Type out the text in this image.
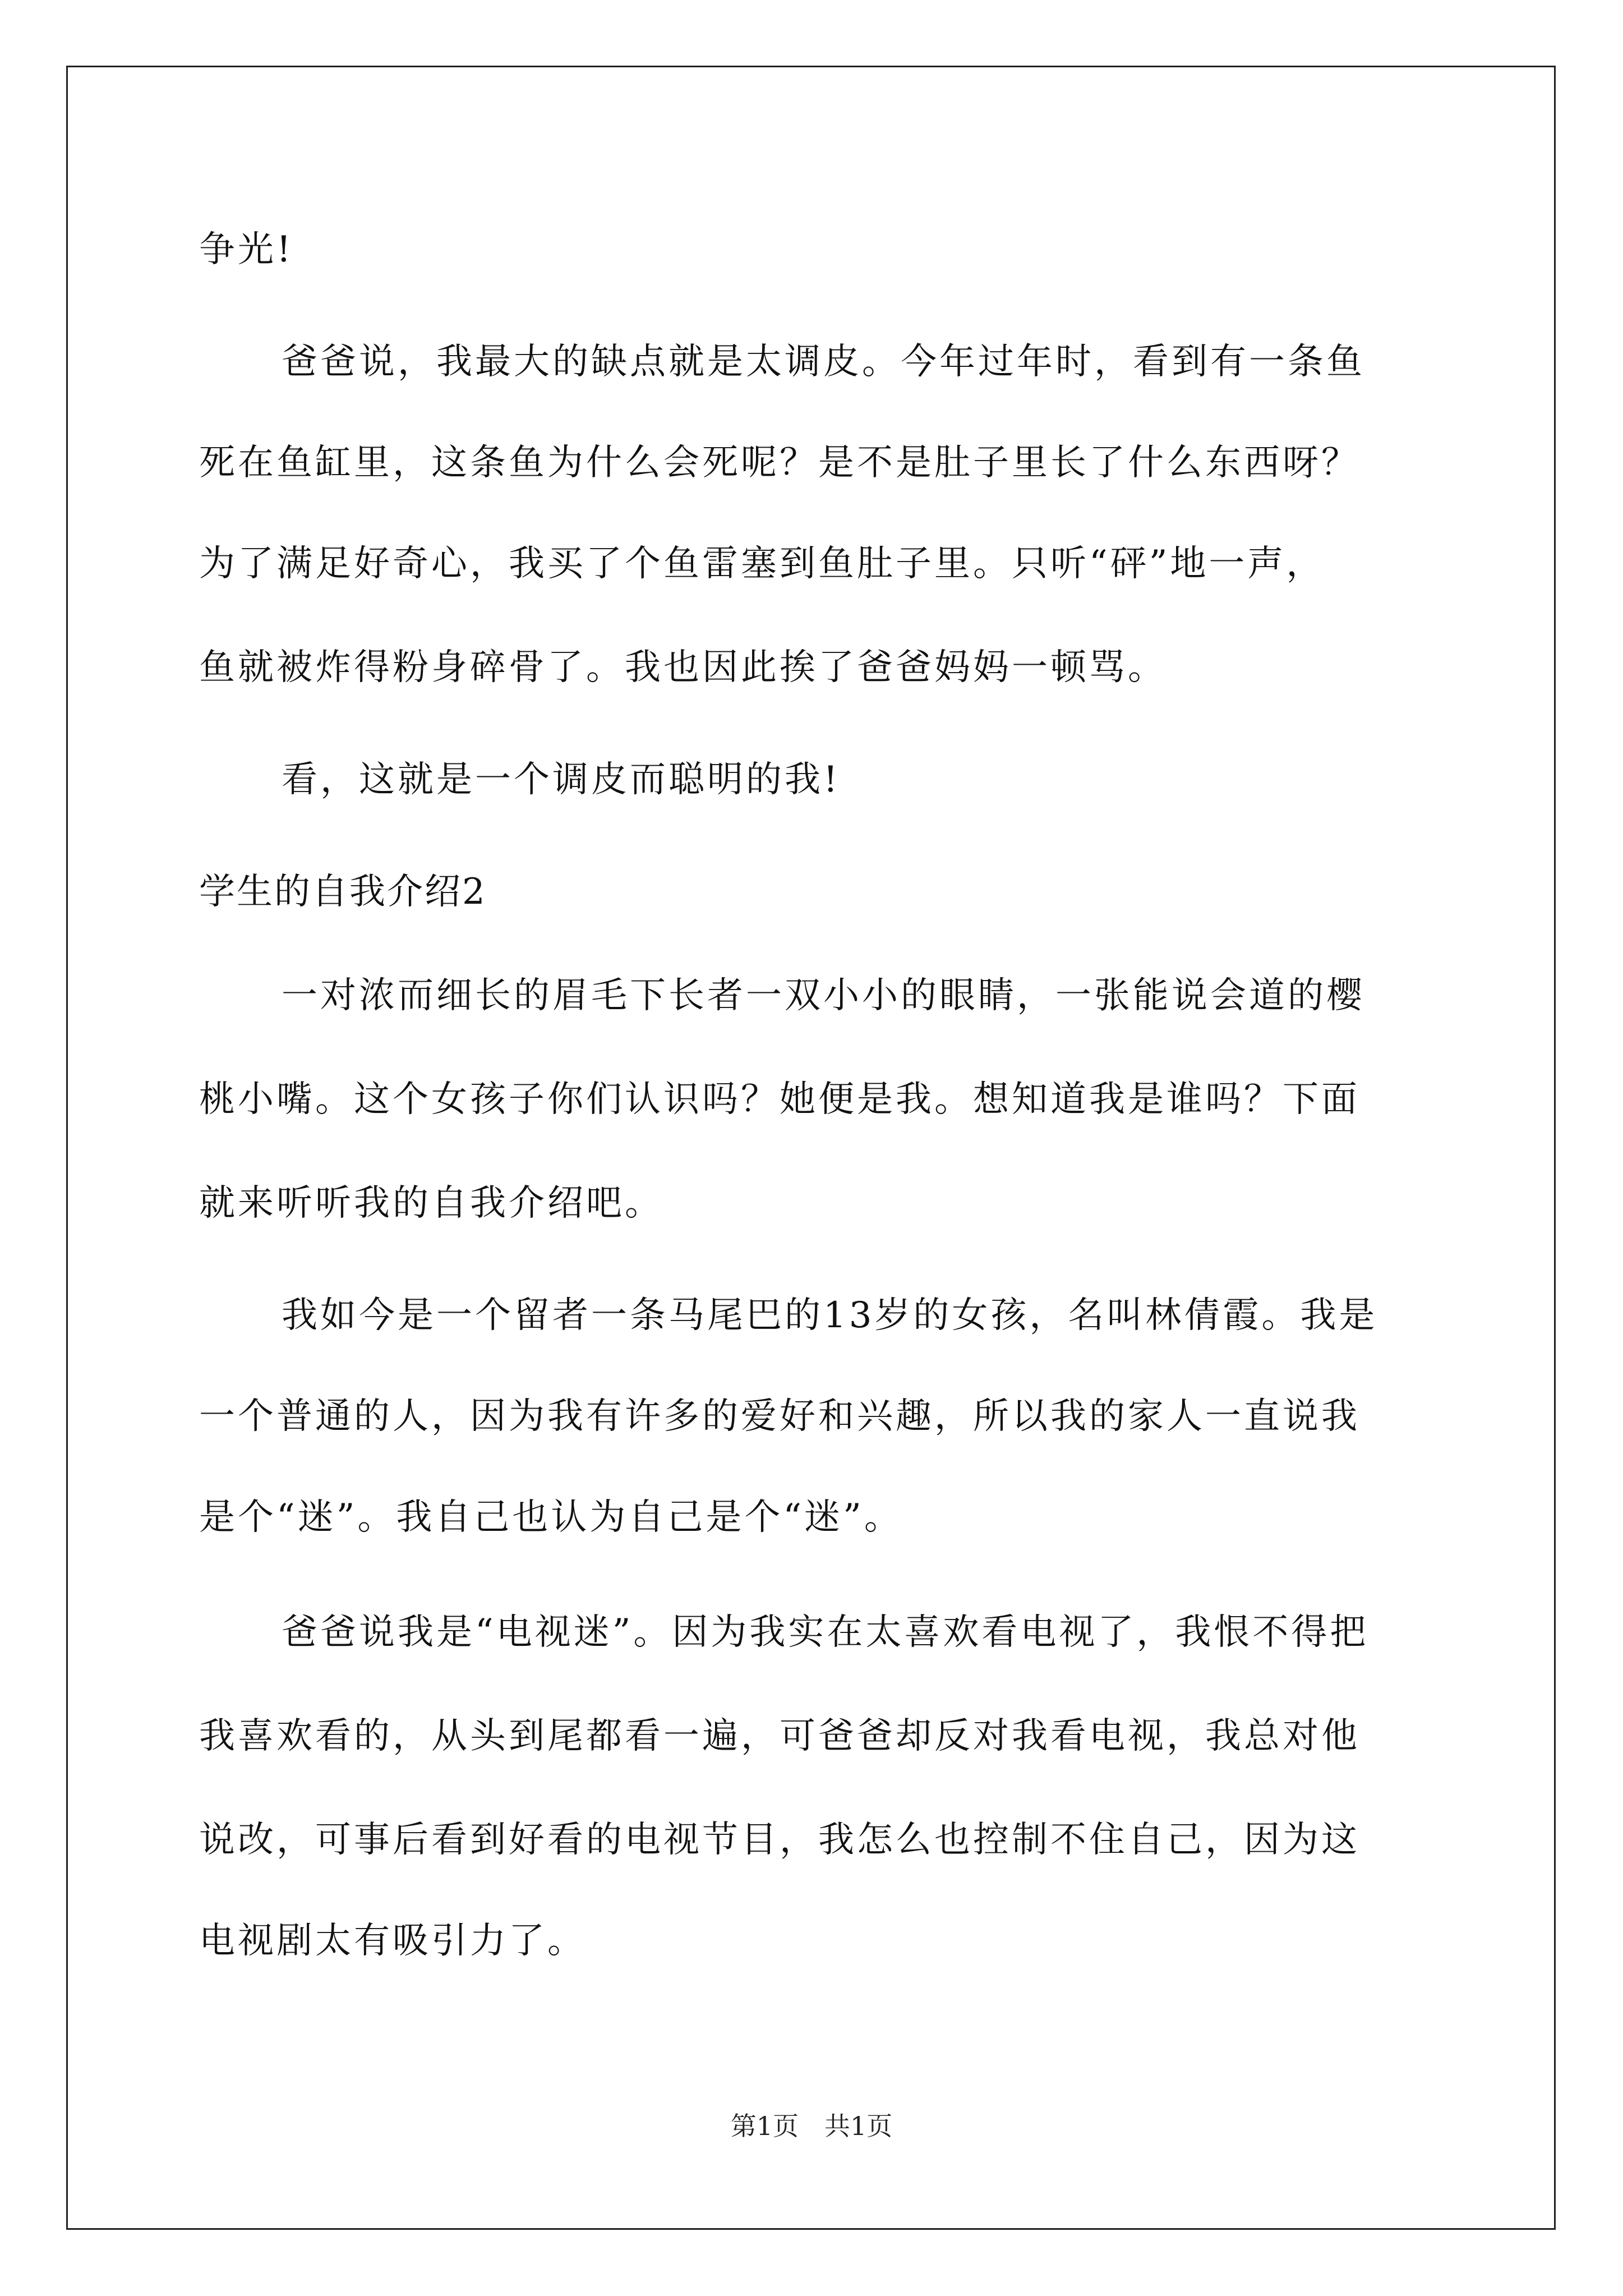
争光!
爸爸说，我最大的缺点就是太调皮。今年过年时，看到有一条鱼
死在鱼缸里，这条鱼为什么会死呢？是不是肚子里长了什么东西呀？
为了满足好奇心，我买了个鱼雷塞到鱼肚子里。只听“砰”地一声，
鱼就被炸得粉身碎骨了。我也因此挨了爸爸妈妈一顿骂。
看，这就是一个调皮而聪明的我!
学生的自我介绍2
一对浓而细长的眉毛下长者一双小小的眼睛，一张能说会道的樱
桃小嘴。这个女孩子你们认识吗？她便是我。想知道我是谁吗？下面
就来听听我的自我介绍吧。
我如今是一个留者一条马尾巴的13岁的女孩，名叫林倩霞。我是
一个普通的人，因为我有许多的爱好和兴趣，所以我的家人一直说我
是个“迷”。我自己也认为自己是个“迷”。
爸爸说我是“电视迷”。因为我实在太喜欢看电视了，我恨不得把
我喜欢看的，从头到尾都看一遍，可爸爸却反对我看电视，我总对他
说改，可事后看到好看的电视节目，我怎么也控制不住自己，因为这
电视剧太有吸引力了。
第1页　共1页
